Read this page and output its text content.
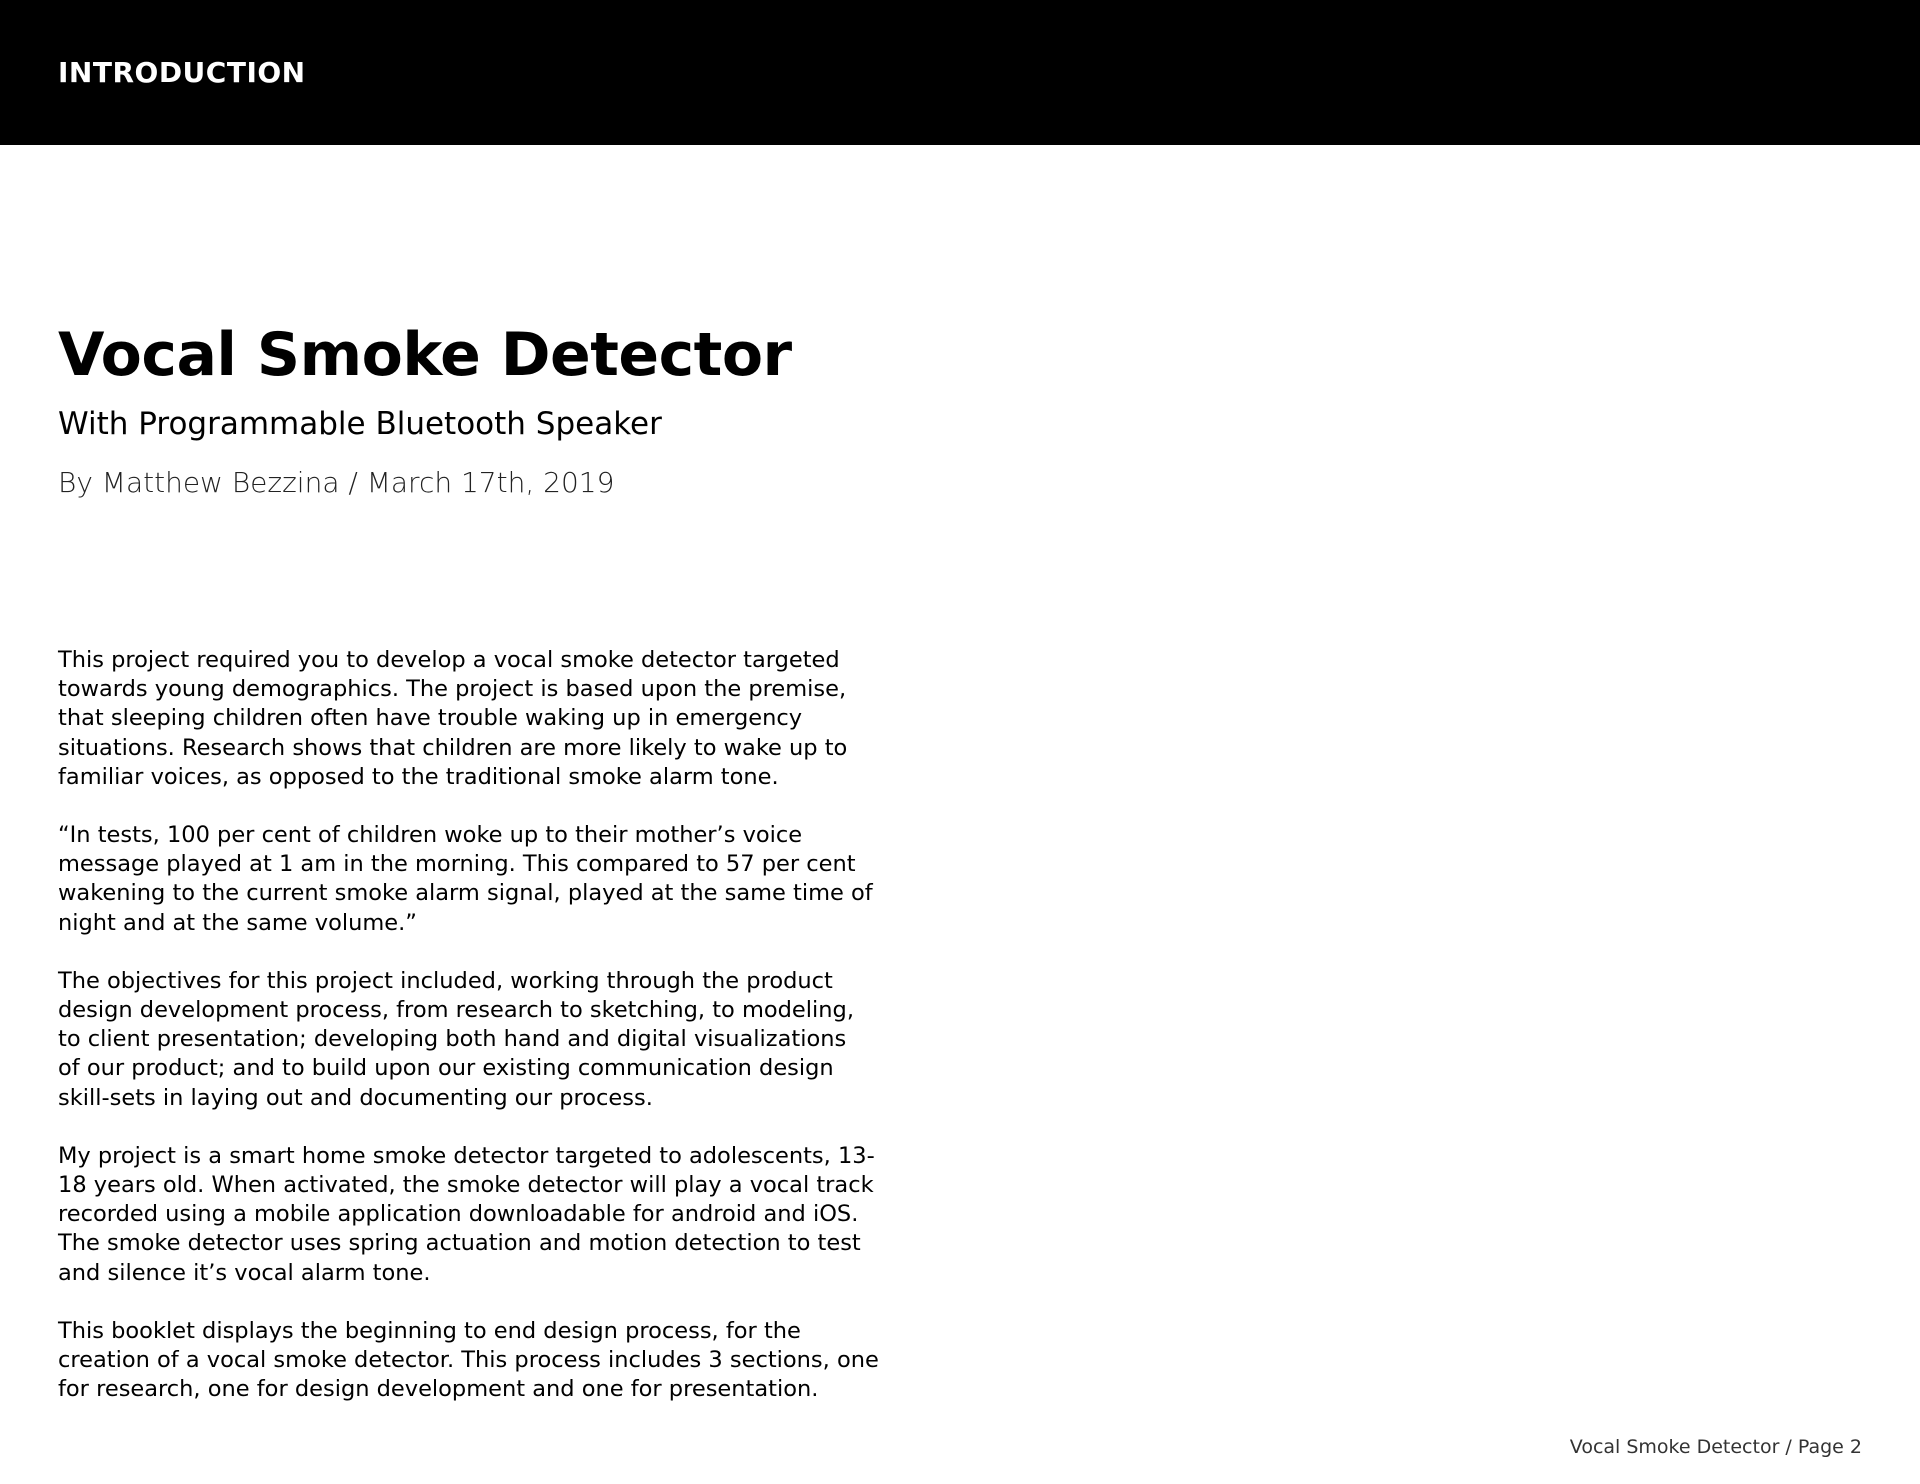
INTRODUCTION
Vocal Smoke Detector
With Programmable Bluetooth Speaker
By Matthew Bezzina / March 17th, 2019

This project required you to develop a vocal smoke detector targeted
towards young demographics. The project is based upon the premise,
that sleeping children often have trouble waking up in emergency
situations. Research shows that children are more likely to wake up to
familiar voices, as opposed to the traditional smoke alarm tone.

“In tests, 100 per cent of children woke up to their mother’s voice
message played at 1 am in the morning. This compared to 57 per cent
wakening to the current smoke alarm signal, played at the same time of
night and at the same volume.”

The objectives for this project included, working through the product
design development process, from research to sketching, to modeling,
to client presentation; developing both hand and digital visualizations
of our product; and to build upon our existing communication design
skill-sets in laying out and documenting our process.

My project is a smart home smoke detector targeted to adolescents, 13-
18 years old. When activated, the smoke detector will play a vocal track
recorded using a mobile application downloadable for android and iOS.
The smoke detector uses spring actuation and motion detection to test
and silence it’s vocal alarm tone.

This booklet displays the beginning to end design process, for the
creation of a vocal smoke detector. This process includes 3 sections, one
for research, one for design development and one for presentation.

Vocal Smoke Detector / Page 2
